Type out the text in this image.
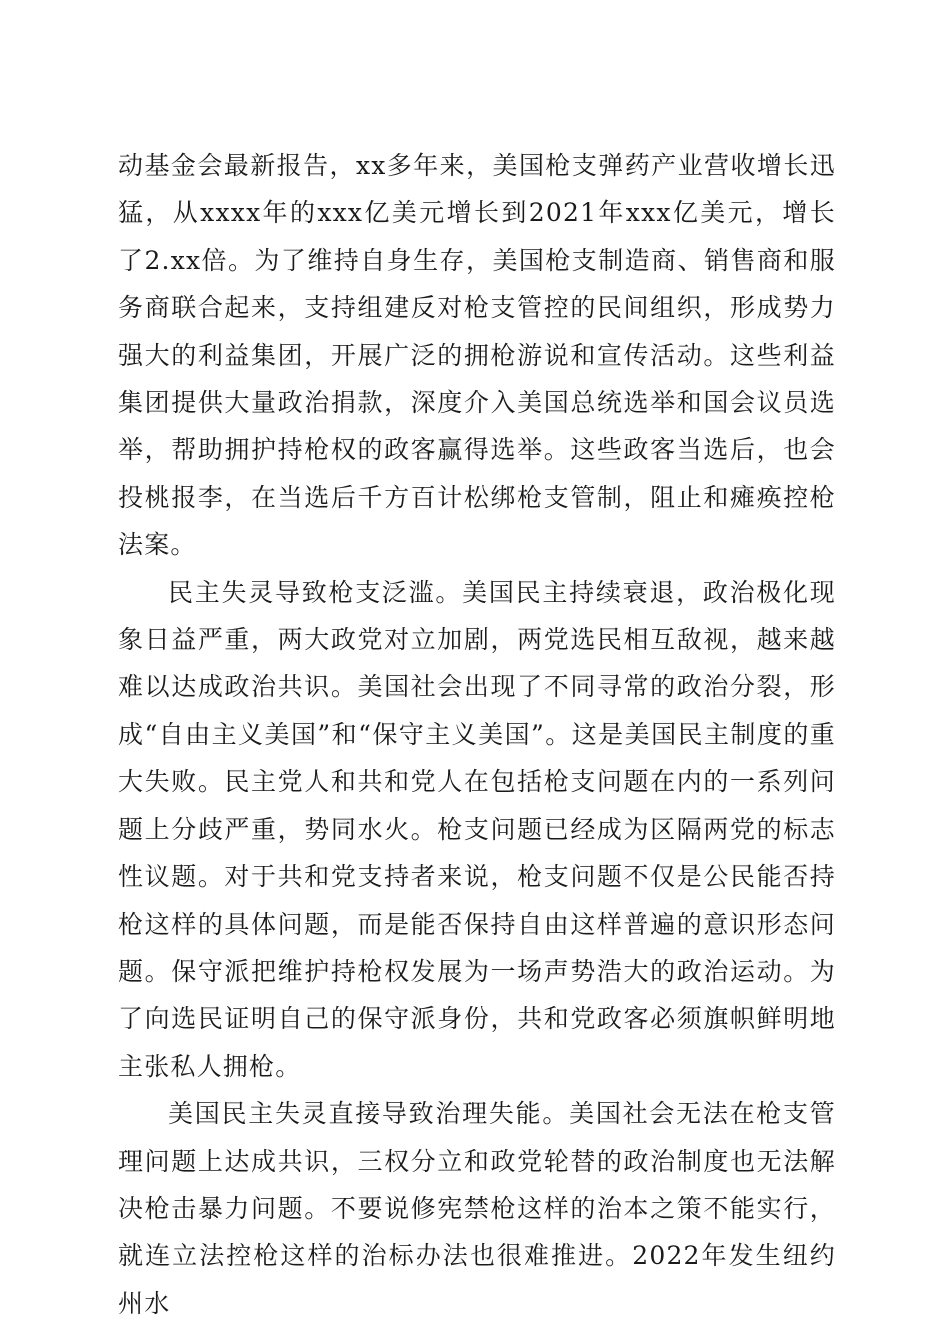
动基金会最新报告，xx多年来，美国枪支弹药产业营收增长迅猛，从xxxx年的xxx亿美元增长到2021年xxx亿美元，增长了2.xx倍。为了维持自身生存，美国枪支制造商、销售商和服务商联合起来，支持组建反对枪支管控的民间组织，形成势力强大的利益集团，开展广泛的拥枪游说和宣传活动。这些利益集团提供大量政治捐款，深度介入美国总统选举和国会议员选举，帮助拥护持枪权的政客赢得选举。这些政客当选后，也会投桃报李，在当选后千方百计松绑枪支管制，阻止和瘫痪控枪法案。

民主失灵导致枪支泛滥。美国民主持续衰退，政治极化现象日益严重，两大政党对立加剧，两党选民相互敌视，越来越难以达成政治共识。美国社会出现了不同寻常的政治分裂，形成“自由主义美国”和“保守主义美国”。这是美国民主制度的重大失败。民主党人和共和党人在包括枪支问题在内的一系列问题上分歧严重，势同水火。枪支问题已经成为区隔两党的标志性议题。对于共和党支持者来说，枪支问题不仅是公民能否持枪这样的具体问题，而是能否保持自由这样普遍的意识形态问题。保守派把维护持枪权发展为一场声势浩大的政治运动。为了向选民证明自己的保守派身份，共和党政客必须旗帜鲜明地主张私人拥枪。

美国民主失灵直接导致治理失能。美国社会无法在枪支管理问题上达成共识，三权分立和政党轮替的政治制度也无法解决枪击暴力问题。不要说修宪禁枪这样的治本之策不能实行，就连立法控枪这样的治标办法也很难推进。2022年发生纽约州水
